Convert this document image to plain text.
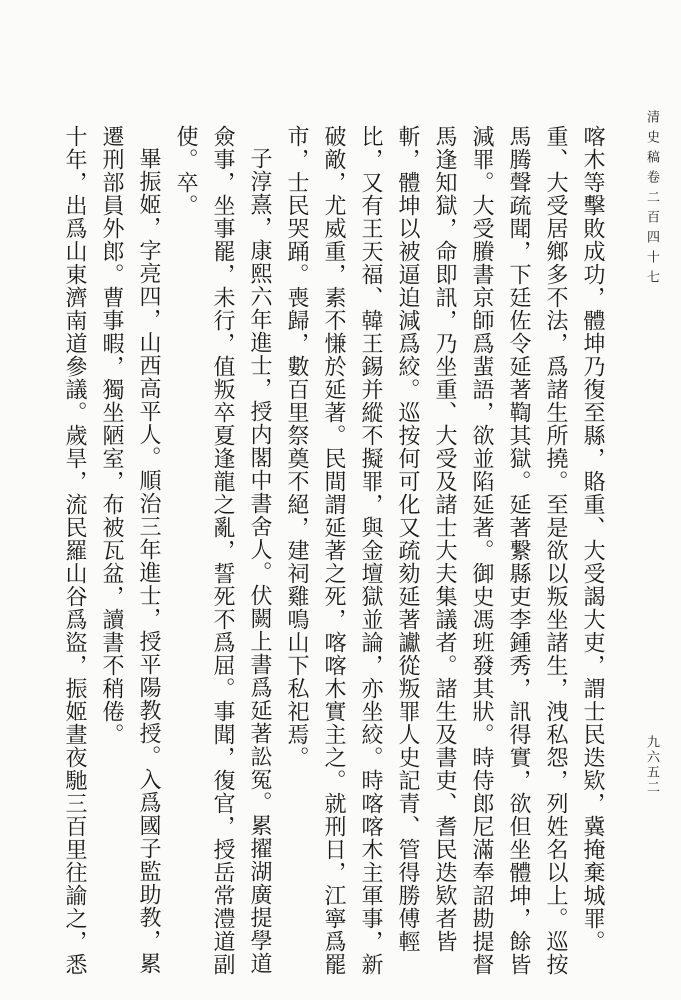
清史稿卷二百四十七
九六五二

喀木等擊敗成功，體坤乃復至縣，賂重、大受謁大吏，謂士民迭欵，冀掩棄城罪。重、大受居鄉多不法，爲諸生所撓。至是欲以叛坐諸生，洩私怨，列姓名以上。巡按馬腾聲疏聞，下廷佐令延著鞫其獄。延著繋縣吏李鍾秀，訊得實，欲但坐體坤，餘皆減罪。大受賸書京師爲蜚語，欲並陷延著。御史馮班發其狀。時侍郎尼滿奉詔勘提督馬逢知獄，命即訊，乃坐重、大受及諸士大夫集議者。諸生及書吏、耆民迭欵者皆斬，體坤以被逼迫減爲絞。巡按何可化又疏劾延著讞從叛罪人史記青、管得勝傅輕比，又有王天福、韓王錫并縱不擬罪，與金壇獄並論，亦坐絞。時喀喀木主軍事，新破敵，尤威重，素不慊於延著。民間謂延著之死，喀喀木實主之。就刑日，江寧爲罷市，士民哭踊。喪歸，數百里祭奠不絕，建祠雞鳴山下私祀焉。

子淳熹，康熙六年進士，授内閣中書舍人。伏闕上書爲延著訟冤。累擢湖廣提學道僉事，坐事罷，未行，值叛卒夏逢龍之亂，誓死不爲屈。事聞，復官，授岳常澧道副使。卒。

畢振姬，字亮四，山西高平人。順治三年進士，授平陽教授。入爲國子監助教，累遷刑部員外郎。曹事暇，獨坐陋室，布被瓦盆，讀書不稍倦。

十年，出爲山東濟南道參議。歲旱，流民羅山谷爲盜，振姬晝夜馳三百里往諭之，悉
